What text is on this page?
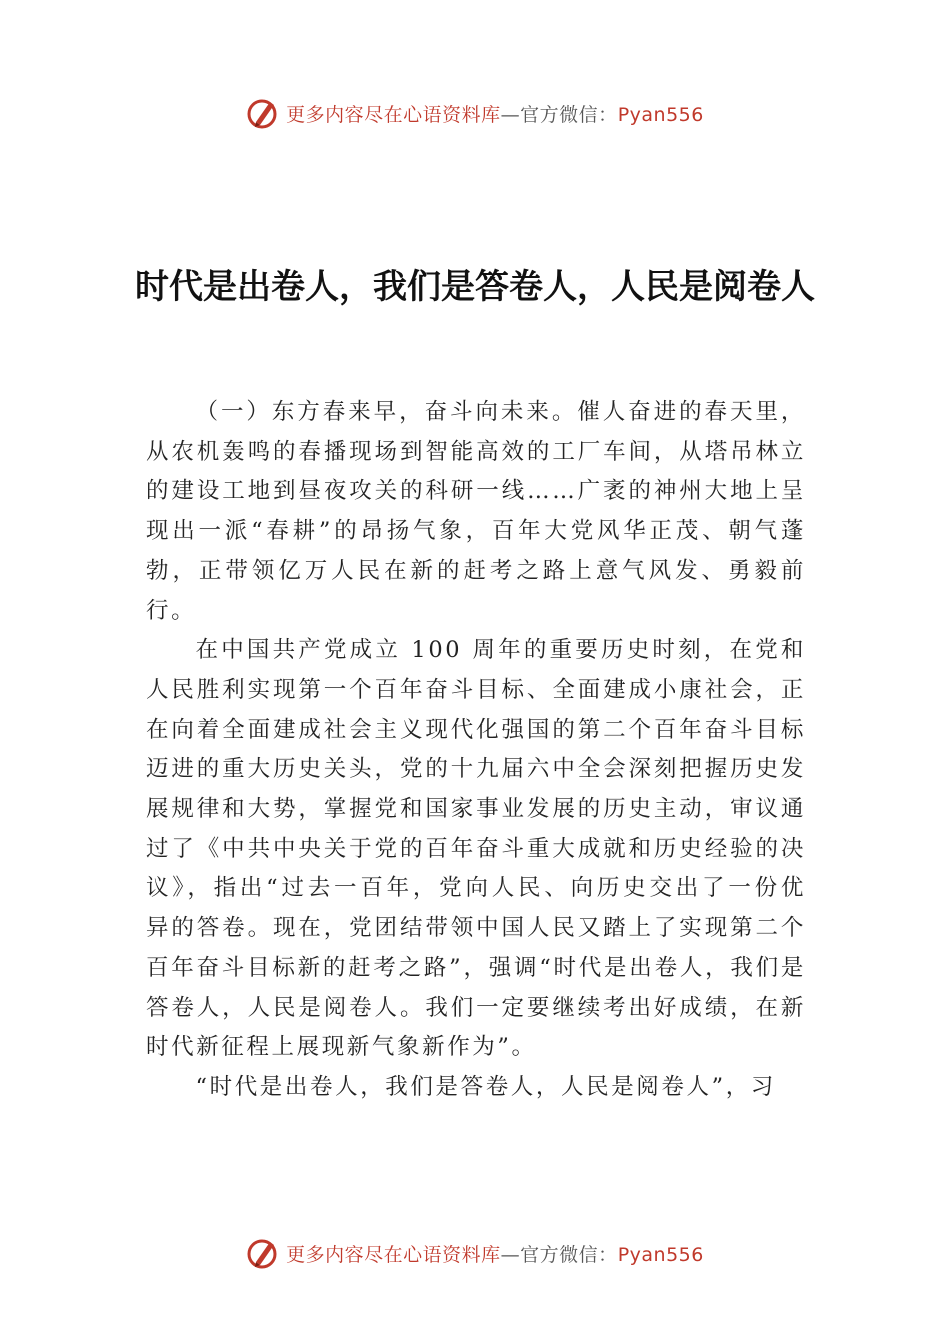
更多内容尽在心语资料库—官方微信：Pyan556
时代是出卷人，我们是答卷人，人民是阅卷人

（一）东方春来早，奋斗向未来。催人奋进的春天里，从农机轰鸣的春播现场到智能高效的工厂车间，从塔吊林立的建设工地到昼夜攻关的科研一线……广袤的神州大地上呈现出一派“春耕”的昂扬气象，百年大党风华正茂、朝气蓬勃，正带领亿万人民在新的赶考之路上意气风发、勇毅前行。

在中国共产党成立 100 周年的重要历史时刻，在党和人民胜利实现第一个百年奋斗目标、全面建成小康社会，正在向着全面建成社会主义现代化强国的第二个百年奋斗目标迈进的重大历史关头，党的十九届六中全会深刻把握历史发展规律和大势，掌握党和国家事业发展的历史主动，审议通过了《中共中央关于党的百年奋斗重大成就和历史经验的决议》，指出“过去一百年，党向人民、向历史交出了一份优 异的答卷。现在，党团结带领中国人民又踏上了实现第二个百年奋斗目标新的赶考之路”，强调“时代是出卷人，我们是答卷人，人民是阅卷人。我们一定要继续考出好成绩，在新时代新征程上展现新气象新作为”。

“时代是出卷人，我们是答卷人，人民是阅卷人”，习

更多内容尽在心语资料库—官方微信：Pyan556
